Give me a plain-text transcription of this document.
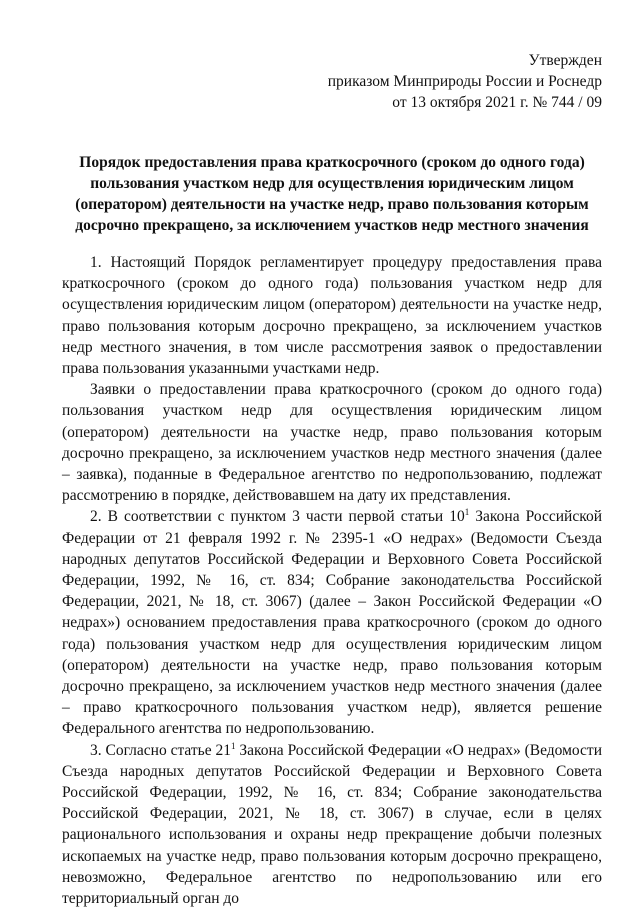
Утвержден
приказом Минприроды России и Роснедр
от 13 октября 2021 г. № 744 / 09
Порядок предоставления права краткосрочного (сроком до одного года) пользования участком недр для осуществления юридическим лицом (оператором) деятельности на участке недр, право пользования которым досрочно прекращено, за исключением участков недр местного значения

1. Настоящий Порядок регламентирует процедуру предоставления права краткосрочного (сроком до одного года) пользования участком недр для осуществления юридическим лицом (оператором) деятельности на участке недр, право пользования которым досрочно прекращено, за исключением участков недр местного значения, в том числе рассмотрения заявок о предоставлении права пользования указанными участками недр.

Заявки о предоставлении права краткосрочного (сроком до одного года) пользования участком недр для осуществления юридическим лицом (оператором) деятельности на участке недр, право пользования которым досрочно прекращено, за исключением участков недр местного значения (далее – заявка), поданные в Федеральное агентство по недропользованию, подлежат рассмотрению в порядке, действовавшем на дату их представления.

2. В соответствии с пунктом 3 части первой статьи $10^1$ Закона Российской Федерации от 21 февраля 1992 г. № 2395-1 «О недрах» (Ведомости Съезда народных депутатов Российской Федерации и Верховного Совета Российской Федерации, 1992, № 16, ст. 834; Собрание законодательства Российской Федерации, 2021, № 18, ст. 3067) (далее – Закон Российской Федерации «О недрах») основанием предоставления права краткосрочного (сроком до одного года) пользования участком недр для осуществления юридическим лицом (оператором) деятельности на участке недр, право пользования которым досрочно прекращено, за исключением участков недр местного значения (далее – право краткосрочного пользования участком недр), является решение Федерального агентства по недропользованию.

3. Согласно статье $21^1$ Закона Российской Федерации «О недрах» (Ведомости Съезда народных депутатов Российской Федерации и Верховного Совета Российской Федерации, 1992, № 16, ст. 834; Собрание законодательства Российской Федерации, 2021, № 18, ст. 3067) в случае, если в целях рационального использования и охраны недр прекращение добычи полезных ископаемых на участке недр, право пользования которым досрочно прекращено, невозможно, Федеральное агентство по недропользованию или его территориальный орган до
